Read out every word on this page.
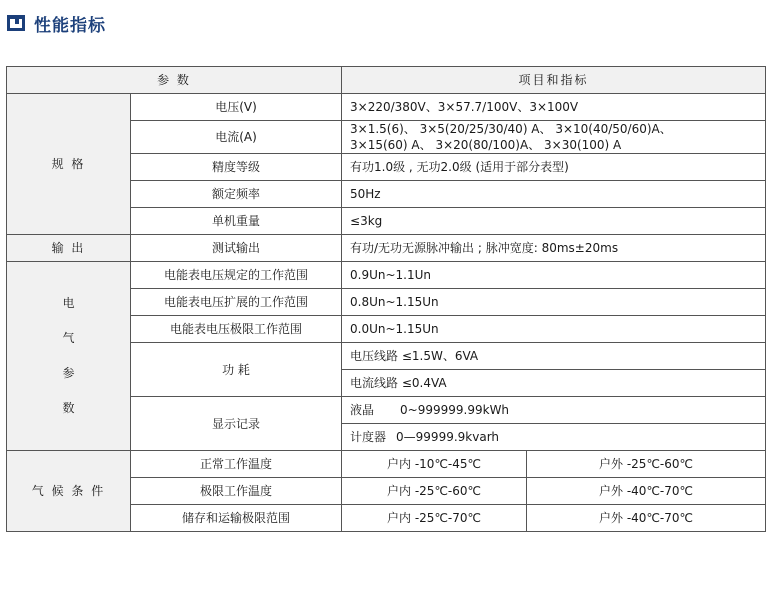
性能指标
参 数		项目和指标	
规 格	电压(V)	3×220/380V、3×57.7/100V、3×100V	
	电流(A)	3×1.5(6)、 3×5(20/25/30/40) A、 3×10(40/50/60)A、
3×15(60) A、 3×20(80/100)A、 3×30(100) A	

	精度等级	有功1.0级 , 无功2.0级 (适用于部分表型)	
	额定频率	50Hz	
	单机重量	≤3kg	
输 出	测试输出	有功/无功无源脉冲输出 ; 脉冲宽度: 80ms±20ms	

电
气
参
数	电能表电压规定的工作范围	0.9Un~1.1Un	
	电能表电压扩展的工作范围	0.8Un~1.15Un	
	电能表电压极限工作范围	0.0Un~1.15Un	
	功 耗	电压线路 ≤1.5W、6VA	
		电流线路 ≤0.4VA	
	显示记录	液晶 0~999999.99kWh	
		计度器 0—99999.9kvarh	
气 候 条 件	正常工作温度	户内 -10℃-45℃	户外 -25℃-60℃
	极限工作温度	户内 -25℃-60℃	户外 -40℃-70℃
	储存和运输极限范围	户内 -25℃-70℃	户外 -40℃-70℃
